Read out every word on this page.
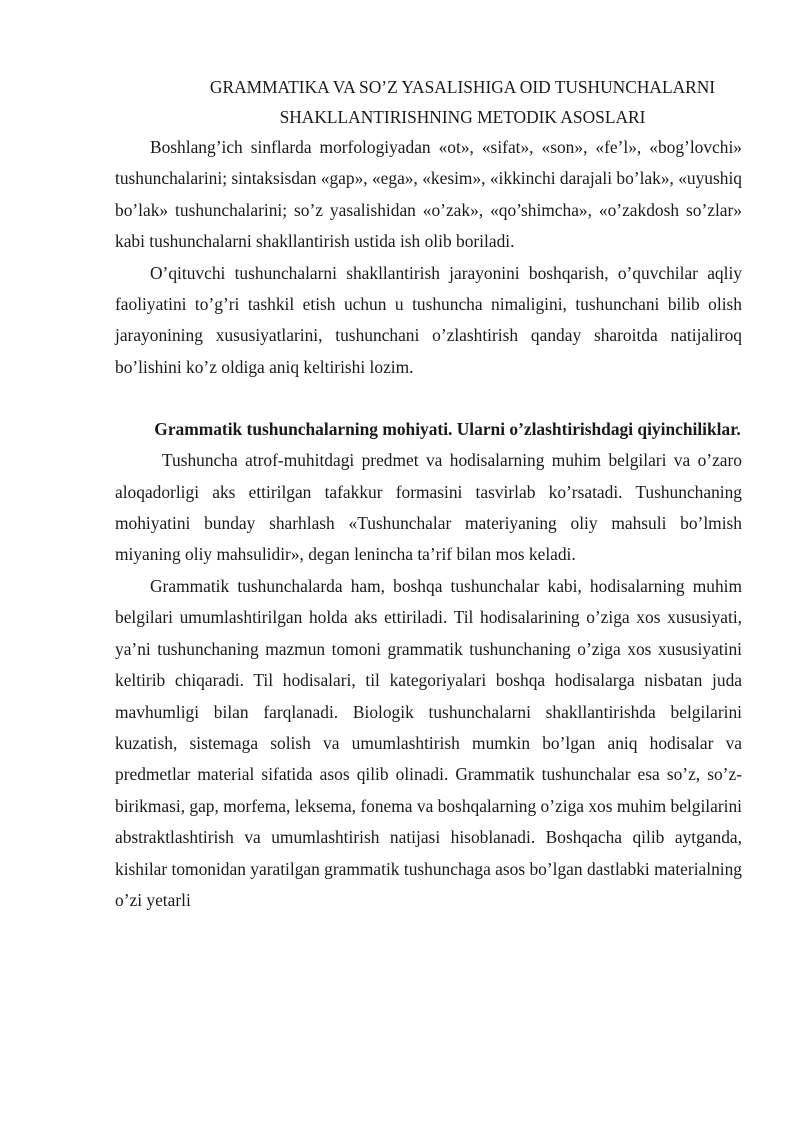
GRAMMATIKA VA SO’Z YASALISHIGA OID TUSHUNCHALARNI SHAKLLANTIRISHNING METODIK ASOSLARI

Boshlang’ich sinflarda morfologiyadan «ot», «sifat», «son», «fe’l», «bog’lovchi» tushunchalarini; sintaksisdan «gap», «ega», «kesim», «ikkinchi darajali bo’lak», «uyushiq bo’lak» tushunchalarini; so’z yasalishidan «o’zak», «qo’shimcha», «o’zakdosh so’zlar» kabi tushunchalarni shakllantirish ustida ish olib boriladi.

O’qituvchi tushunchalarni shakllantirish jarayonini boshqarish, o’quvchilar aqliy faoliyatini to’g’ri tashkil etish uchun u tushuncha nimaligini, tushunchani bilib olish jarayonining xususiyatlarini, tushunchani o’zlashtirish qanday sharoitda natijaliroq bo’lishini ko’z oldiga aniq keltirishi lozim.

Grammatik tushunchalarning mohiyati. Ularni o’zlashtirishdagi qiyinchiliklar.

Tushuncha atrof-muhitdagi predmet va hodisalarning muhim belgilari va o’zaro aloqadorligi aks ettirilgan tafakkur formasini tasvirlab ko’rsatadi. Tushunchaning mohiyatini bunday sharhlash «Tushunchalar materiyaning oliy mahsuli bo’lmish miyaning oliy mahsulidir», degan lenincha ta’rif bilan mos keladi.

Grammatik tushunchalarda ham, boshqa tushunchalar kabi, hodisalarning muhim belgilari umumlashtirilgan holda aks ettiriladi. Til hodisalarining o’ziga xos xususiyati, ya’ni tushunchaning mazmun tomoni grammatik tushunchaning o’ziga xos xususiyatini keltirib chiqaradi. Til hodisalari, til kategoriyalari boshqa hodisalarga nisbatan juda mavhumligi bilan farqlanadi. Biologik tushunchalarni shakllantirishda belgilarini kuzatish, sistemaga solish va umumlashtirish mumkin bo’lgan aniq hodisalar va predmetlar material sifatida asos qilib olinadi. Grammatik tushunchalar esa so’z, so’z-birikmasi, gap, morfema, leksema, fonema va boshqalarning o’ziga xos muhim belgilarini abstraktlashtirish va umumlashtirish natijasi hisoblanadi. Boshqacha qilib aytganda, kishilar tomonidan yaratilgan grammatik tushunchaga asos bo’lgan dastlabki materialning o’zi yetarli
